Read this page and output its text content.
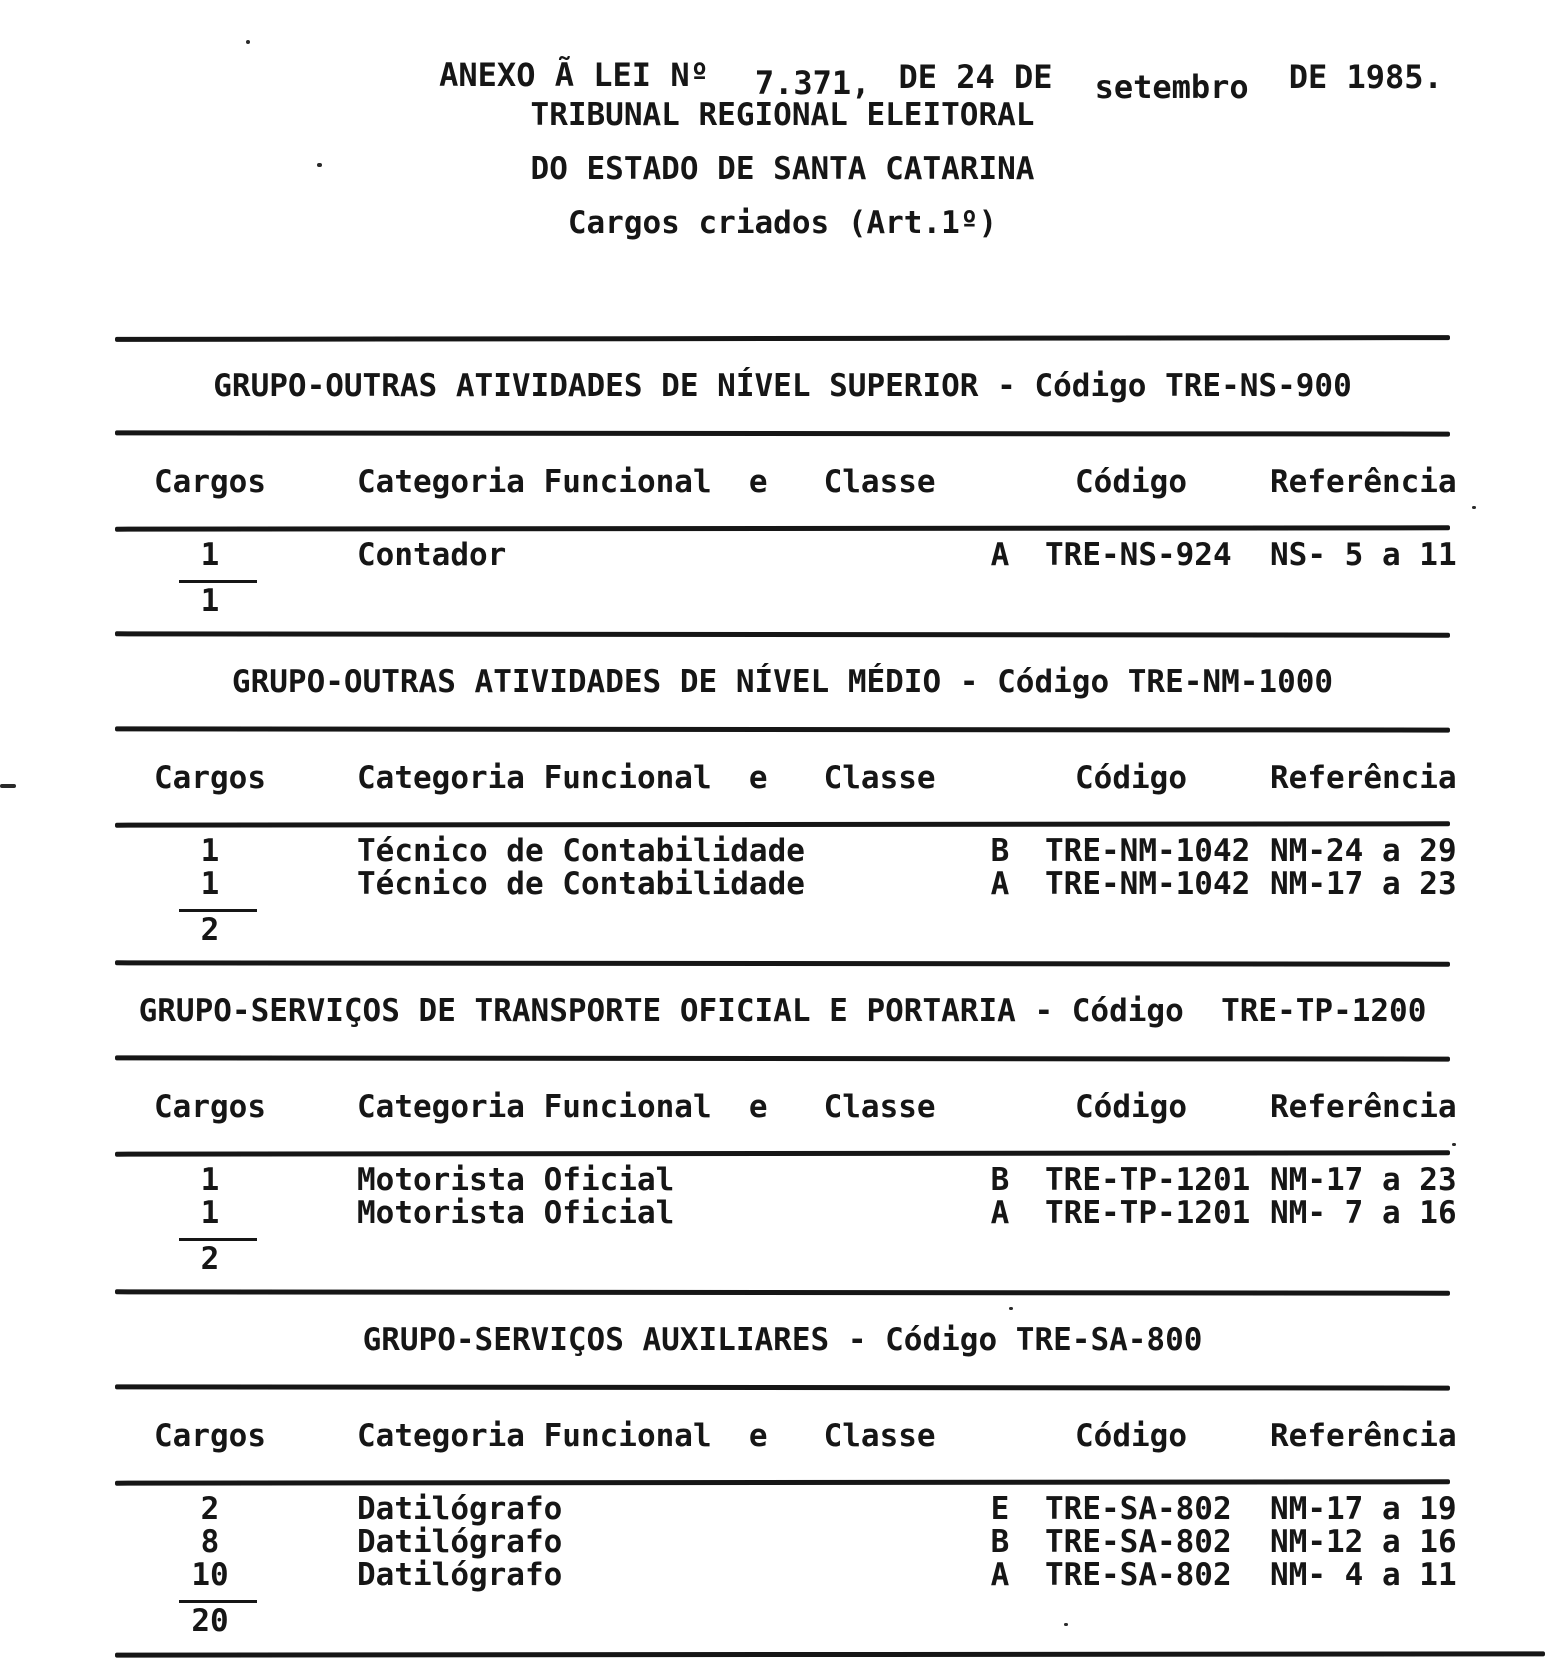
ANEXO Ã LEI Nº 7.371, DE 24 DE setembro DE 1985.

TRIBUNAL REGIONAL ELEITORAL
DO ESTADO DE SANTA CATARINA
Cargos criados (Art.1º)
GRUPO-OUTRAS ATIVIDADES DE NÍVEL SUPERIOR - Código TRE-NS-900
Cargos	Categoria Funcional  e   Classe	Código	Referência
1	Contador	A	TRE-NS-924	NS- 5 a 11
1
GRUPO-OUTRAS ATIVIDADES DE NÍVEL MÉDIO - Código TRE-NM-1000
Cargos	Categoria Funcional  e   Classe	Código	Referência
1	Técnico de Contabilidade	B	TRE-NM-1042 NM-24 a 29
1	Técnico de Contabilidade	A	TRE-NM-1042 NM-17 a 23
2
GRUPO-SERVIÇOS DE TRANSPORTE OFICIAL E PORTARIA - Código  TRE-TP-1200
Cargos	Categoria Funcional  e   Classe	Código	Referência
1	Motorista Oficial	B	TRE-TP-1201 NM-17 a 23
1	Motorista Oficial	A	TRE-TP-1201 NM- 7 a 16
2
GRUPO-SERVIÇOS AUXILIARES - Código TRE-SA-800
Cargos	Categoria Funcional  e   Classe	Código	Referência
2	Datilógrafo	E	TRE-SA-802	NM-17 a 19
8	Datilógrafo	B	TRE-SA-802	NM-12 a 16
10	Datilógrafo	A	TRE-SA-802	NM- 4 a 11
20
